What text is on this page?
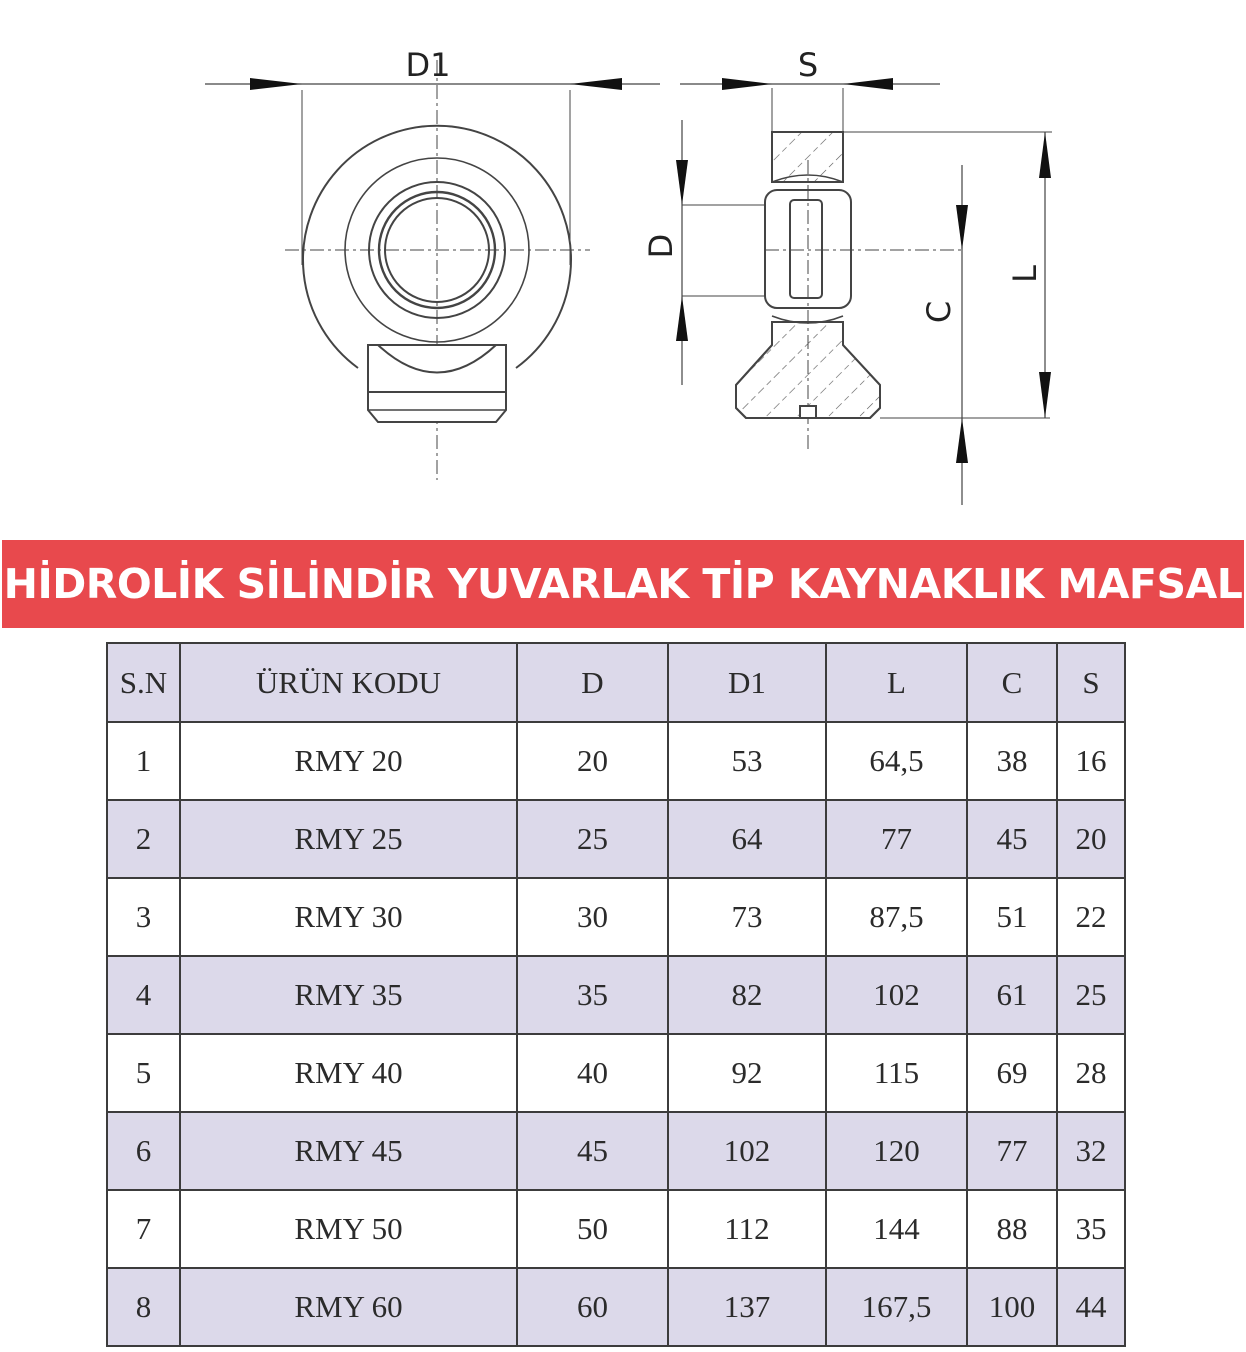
D1	S
D
C
L
HİDROLİK SİLİNDİR YUVARLAK TİP KAYNAKLIK MAFSAL
S.N	ÜRÜN KODU	D	D1	L	C	S
1	RMY 20	20	53	64,5	38	16
2	RMY 25	25	64	77	45	20
3	RMY 30	30	73	87,5	51	22
4	RMY 35	35	82	102	61	25
5	RMY 40	40	92	115	69	28
6	RMY 45	45	102	120	77	32
7	RMY 50	50	112	144	88	35
8	RMY 60	60	137	167,5	100	44
